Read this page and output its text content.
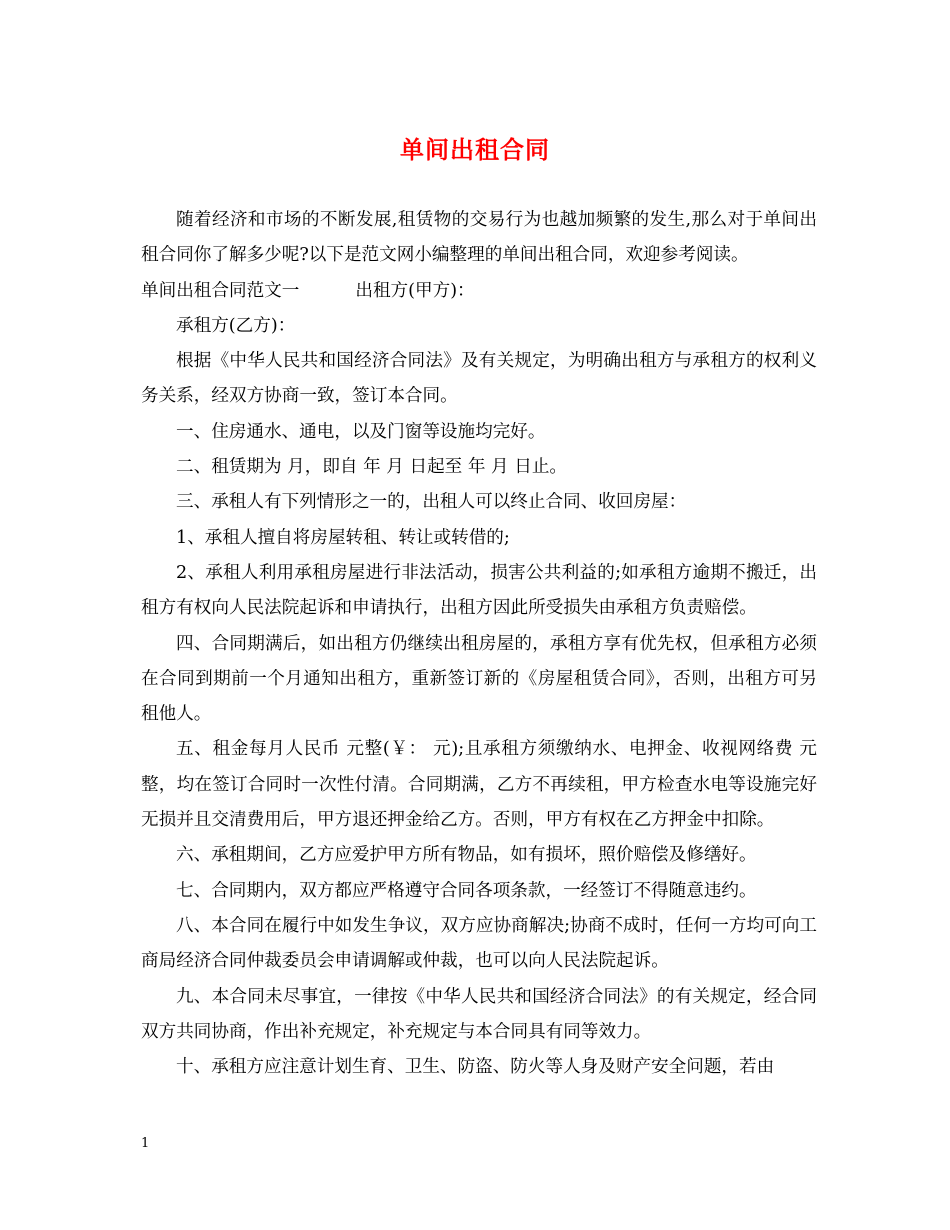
单间出租合同

随着经济和市场的不断发展,租赁物的交易行为也越加频繁的发生,那么对于单间出租合同你了解多少呢?以下是范文网小编整理的单间出租合同，欢迎参考阅读。

单间出租合同范文一	出租方(甲方)：

承租方(乙方)：

根据《中华人民共和国经济合同法》及有关规定，为明确出租方与承租方的权利义务关系，经双方协商一致，签订本合同。

一、住房通水、通电，以及门窗等设施均完好。

二、租赁期为 月，即自 年 月 日起至 年 月 日止。

三、承租人有下列情形之一的，出租人可以终止合同、收回房屋：

1、承租人擅自将房屋转租、转让或转借的;

2、承租人利用承租房屋进行非法活动，损害公共利益的;如承租方逾期不搬迁，出租方有权向人民法院起诉和申请执行，出租方因此所受损失由承租方负责赔偿。

四、合同期满后，如出租方仍继续出租房屋的，承租方享有优先权，但承租方必须在合同到期前一个月通知出租方，重新签订新的《房屋租赁合同》，否则，出租方可另租他人。

五、租金每月人民币 元整(￥： 元);且承租方须缴纳水、电押金、收视网络费 元整，均在签订合同时一次性付清。合同期满，乙方不再续租，甲方检查水电等设施完好无损并且交清费用后，甲方退还押金给乙方。否则，甲方有权在乙方押金中扣除。

六、承租期间，乙方应爱护甲方所有物品，如有损坏，照价赔偿及修缮好。

七、合同期内，双方都应严格遵守合同各项条款，一经签订不得随意违约。

八、本合同在履行中如发生争议，双方应协商解决;协商不成时，任何一方均可向工商局经济合同仲裁委员会申请调解或仲裁，也可以向人民法院起诉。

九、本合同未尽事宜，一律按《中华人民共和国经济合同法》的有关规定，经合同双方共同协商，作出补充规定，补充规定与本合同具有同等效力。

十、承租方应注意计划生育、卫生、防盗、防火等人身及财产安全问题，若由

1
